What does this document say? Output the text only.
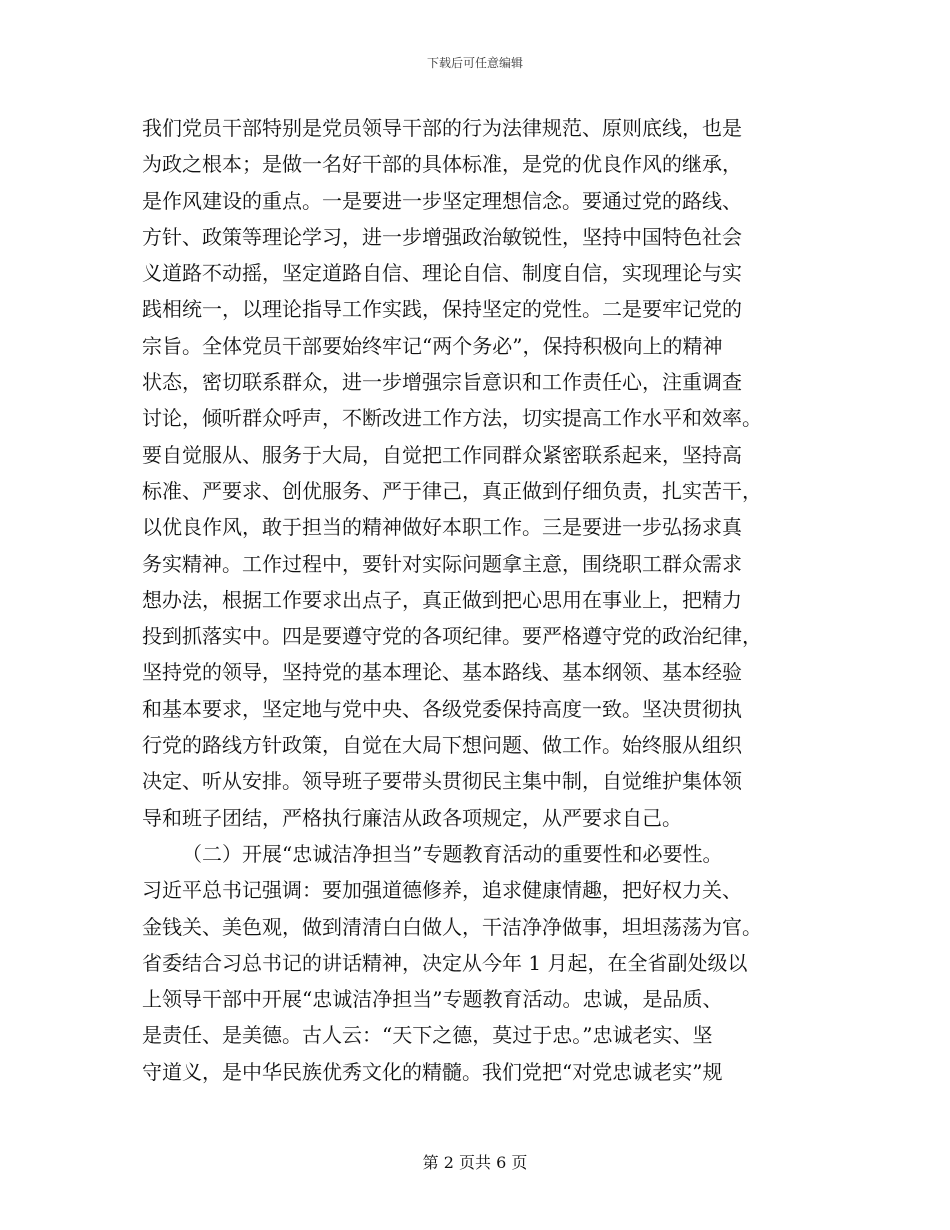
下载后可任意编辑
我们党员干部特别是党员领导干部的行为法律规范、原则底线，也是
为政之根本；是做一名好干部的具体标准，是党的优良作风的继承，
是作风建设的重点。一是要进一步坚定理想信念。要通过党的路线、
方针、政策等理论学习，进一步增强政治敏锐性，坚持中国特色社会
义道路不动摇，坚定道路自信、理论自信、制度自信，实现理论与实
践相统一，以理论指导工作实践，保持坚定的党性。二是要牢记党的
宗旨。全体党员干部要始终牢记“两个务必”，保持积极向上的精神
状态，密切联系群众，进一步增强宗旨意识和工作责任心，注重调查
讨论，倾听群众呼声，不断改进工作方法，切实提高工作水平和效率。
要自觉服从、服务于大局，自觉把工作同群众紧密联系起来，坚持高
标准、严要求、创优服务、严于律己，真正做到仔细负责，扎实苦干，
以优良作风，敢于担当的精神做好本职工作。三是要进一步弘扬求真
务实精神。工作过程中，要针对实际问题拿主意，围绕职工群众需求
想办法，根据工作要求出点子，真正做到把心思用在事业上，把精力
投到抓落实中。四是要遵守党的各项纪律。要严格遵守党的政治纪律，
坚持党的领导，坚持党的基本理论、基本路线、基本纲领、基本经验
和基本要求，坚定地与党中央、各级党委保持高度一致。坚决贯彻执
行党的路线方针政策，自觉在大局下想问题、做工作。始终服从组织
决定、听从安排。领导班子要带头贯彻民主集中制，自觉维护集体领
导和班子团结，严格执行廉洁从政各项规定，从严要求自己。
（二）开展“忠诚洁净担当”专题教育活动的重要性和必要性。
习近平总书记强调：要加强道德修养，追求健康情趣，把好权力关、
金钱关、美色观，做到清清白白做人，干洁净净做事，坦坦荡荡为官。
省委结合习总书记的讲话精神，决定从今年 1 月起，在全省副处级以
上领导干部中开展“忠诚洁净担当”专题教育活动。忠诚，是品质、
是责任、是美德。古人云：“天下之德，莫过于忠。”忠诚老实、坚
守道义，是中华民族优秀文化的精髓。我们党把“对党忠诚老实”规
第 2 页共 6 页
